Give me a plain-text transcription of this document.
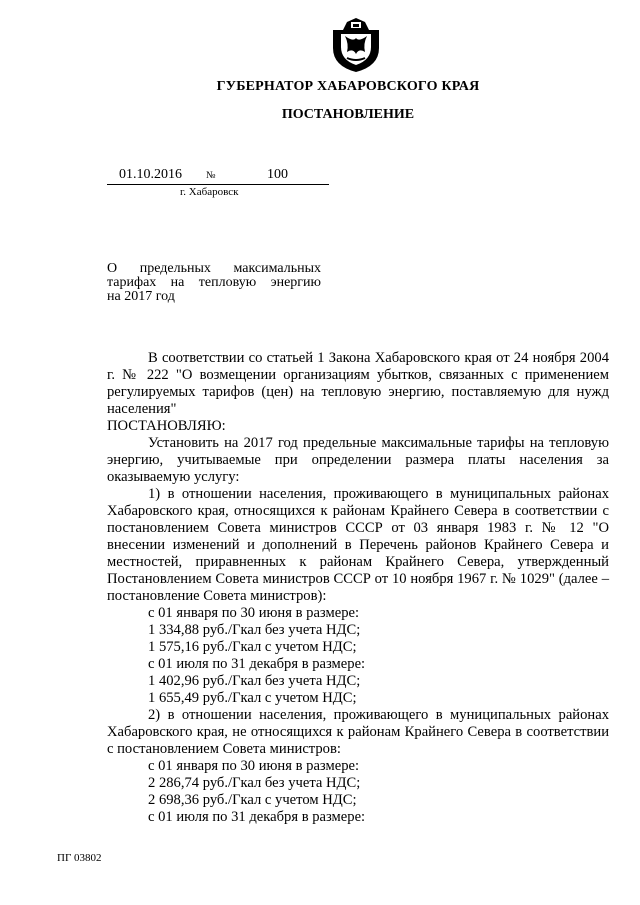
ГУБЕРНАТОР ХАБАРОВСКОГО КРАЯ
ПОСТАНОВЛЕНИЕ
01.10.2016 №	100
г. Хабаровск
О предельных максимальных
тарифах на тепловую энергию
на 2017 год

В соответствии со статьей 1 Закона Хабаровского края от 24 ноября 2004 г. № 222 "О возмещении организациям убытков, связанных с применением регулируемых тарифов (цен) на тепловую энергию, поставляемую для нужд населения"

ПОСТАНОВЛЯЮ:

Установить на 2017 год предельные максимальные тарифы на тепловую энергию, учитываемые при определении размера платы населения за оказываемую услугу:

1) в отношении населения, проживающего в муниципальных районах Хабаровского края, относящихся к районам Крайнего Севера в соответствии с постановлением Совета министров СССР от 03 января 1983 г. № 12 "О внесении изменений и дополнений в Перечень районов Крайнего Севера и местностей, приравненных к районам Крайнего Севера, утвержденный Постановлением Совета министров СССР от 10 ноября 1967 г. № 1029" (далее – постановление Совета министров):

с 01 января по 30 июня в размере:

1 334,88 руб./Гкал без учета НДС;

1 575,16 руб./Гкал с учетом НДС;

с 01 июля по 31 декабря в размере:

1 402,96 руб./Гкал без учета НДС;

1 655,49 руб./Гкал с учетом НДС;

2) в отношении населения, проживающего в муниципальных районах Хабаровского края, не относящихся к районам Крайнего Севера в соответствии с постановлением Совета министров:

с 01 января по 30 июня в размере:

2 286,74 руб./Гкал без учета НДС;

2 698,36 руб./Гкал с учетом НДС;

с 01 июля по 31 декабря в размере:

ПГ 03802
